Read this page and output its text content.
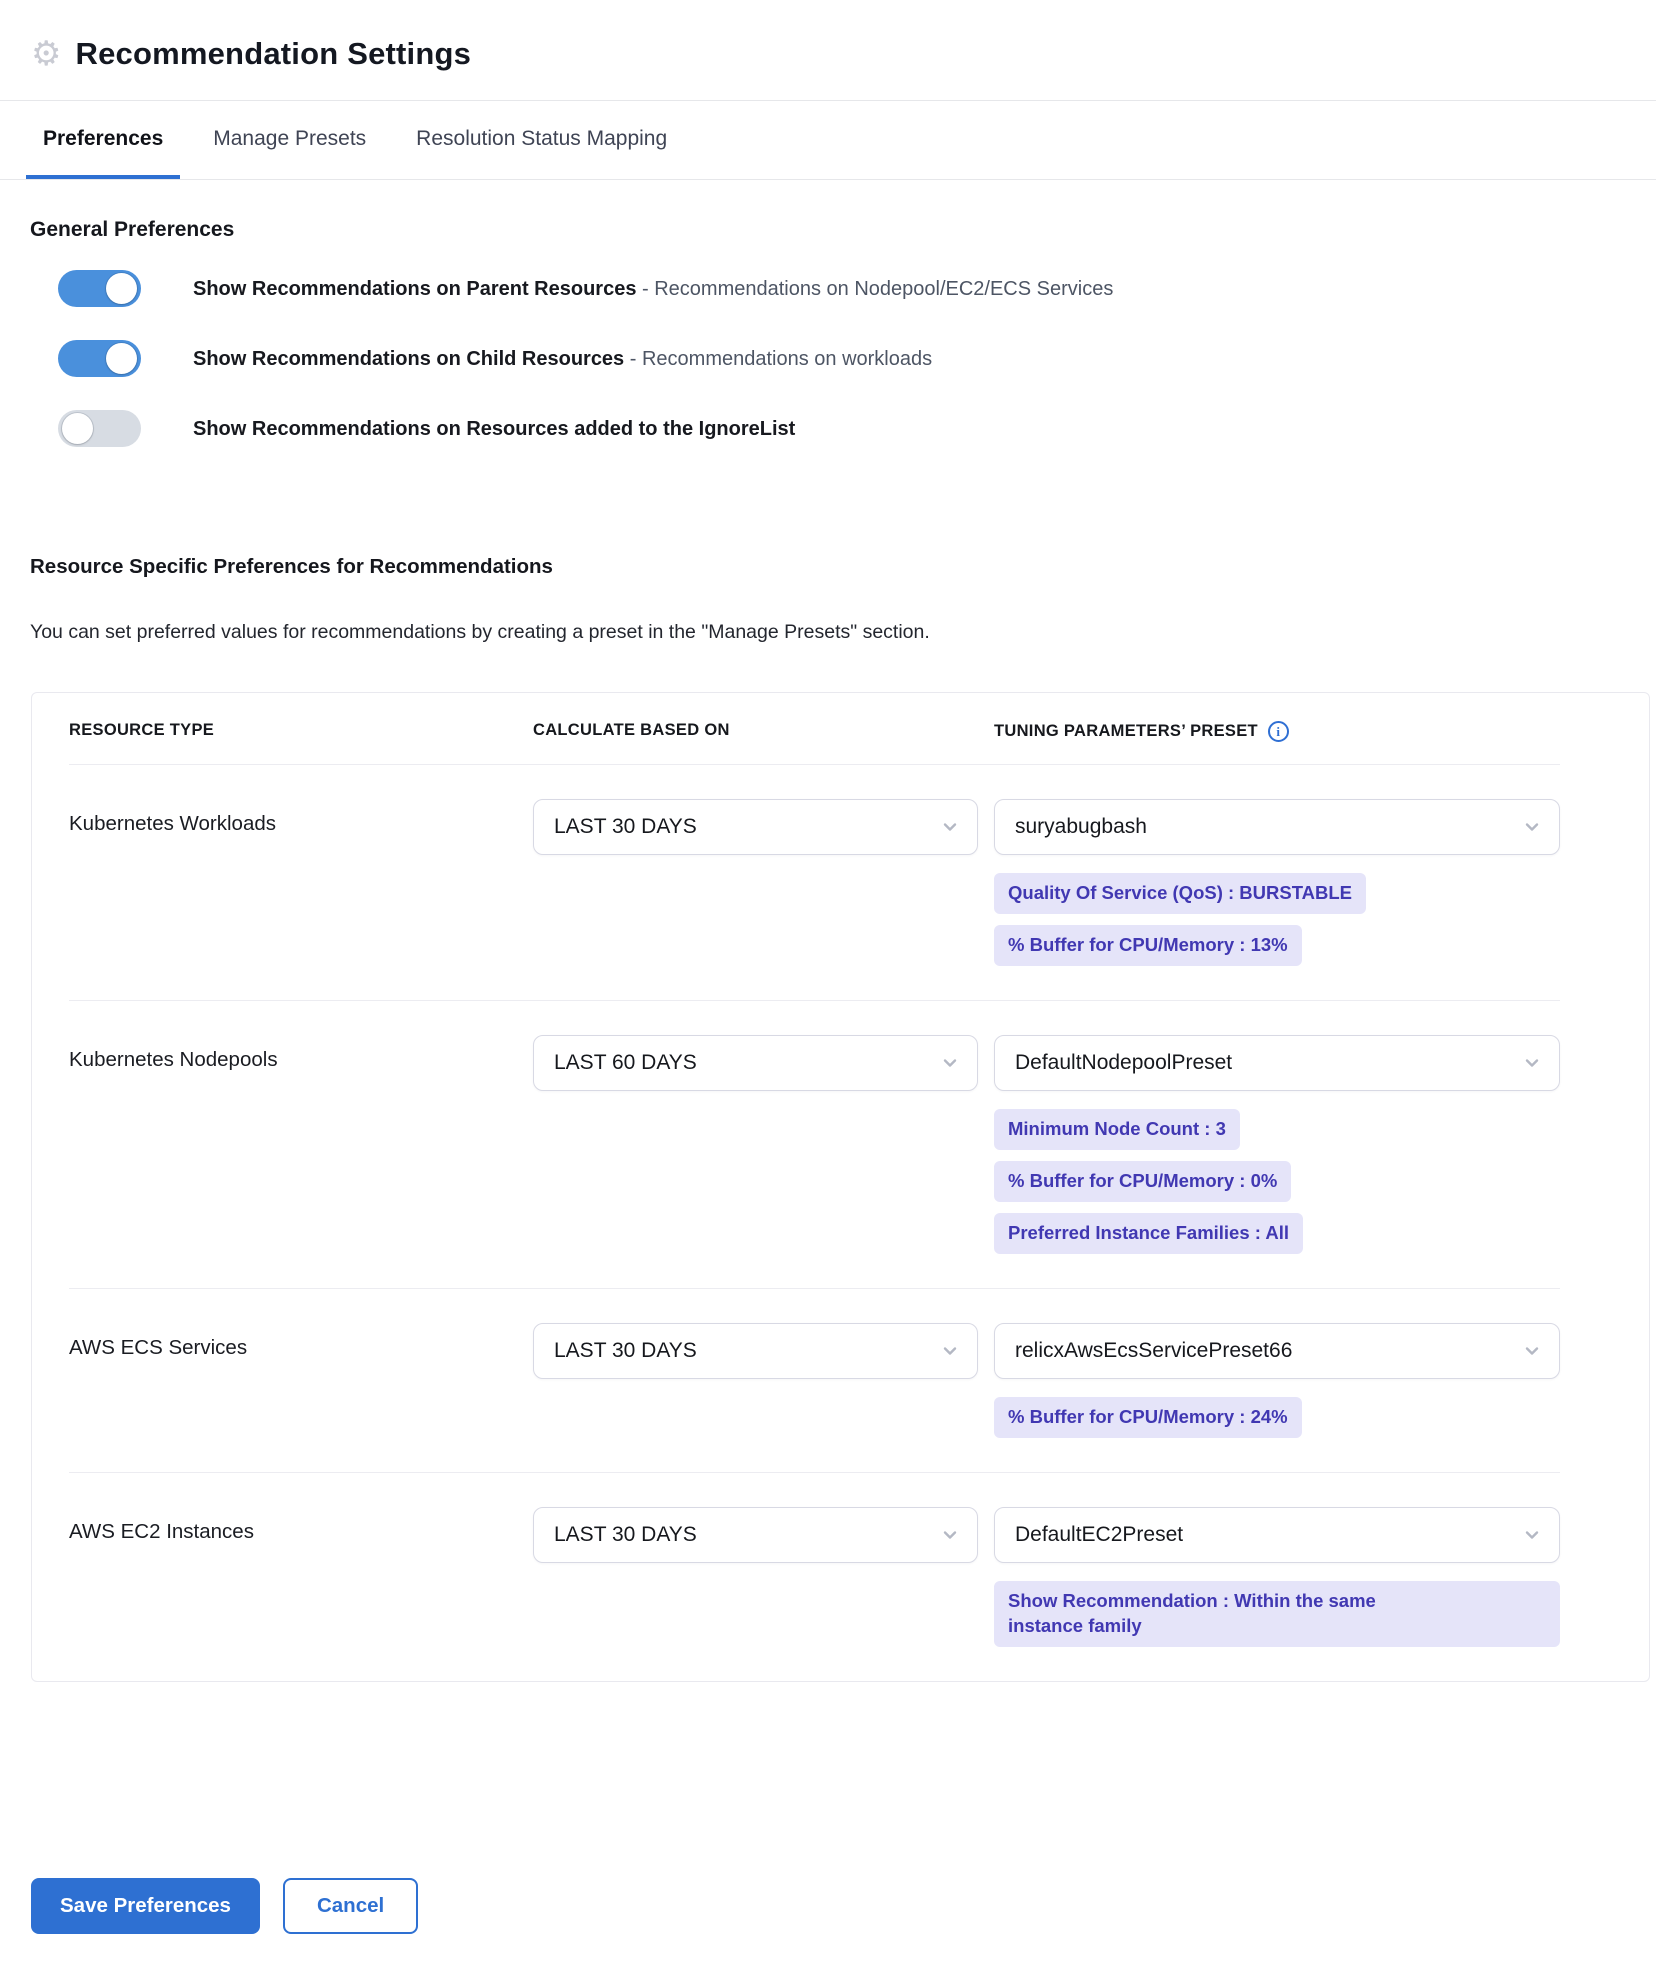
⚙ Recommendation Settings
Preferences	Manage Presets	Resolution Status Mapping
General Preferences
Show Recommendations on Parent Resources - Recommendations on Nodepool/EC2/ECS Services
Show Recommendations on Child Resources - Recommendations on workloads
Show Recommendations on Resources added to the IgnoreList
Resource Specific Preferences for Recommendations
You can set preferred values for recommendations by creating a preset in the "Manage Presets" section.
RESOURCE TYPE	CALCULATE BASED ON	TUNING PARAMETERS’ PRESET	i
Kubernetes Workloads	LAST 30 DAYS	suryabugbash
Quality Of Service (QoS) : BURSTABLE
% Buffer for CPU/Memory : 13%
Kubernetes Nodepools	LAST 60 DAYS	DefaultNodepoolPreset
Minimum Node Count : 3
% Buffer for CPU/Memory : 0%
Preferred Instance Families : All
AWS ECS Services	LAST 30 DAYS	relicxAwsEcsServicePreset66
% Buffer for CPU/Memory : 24%
AWS EC2 Instances	LAST 30 DAYS	DefaultEC2Preset
Show Recommendation : Within the same instance family
Save Preferences	Cancel
